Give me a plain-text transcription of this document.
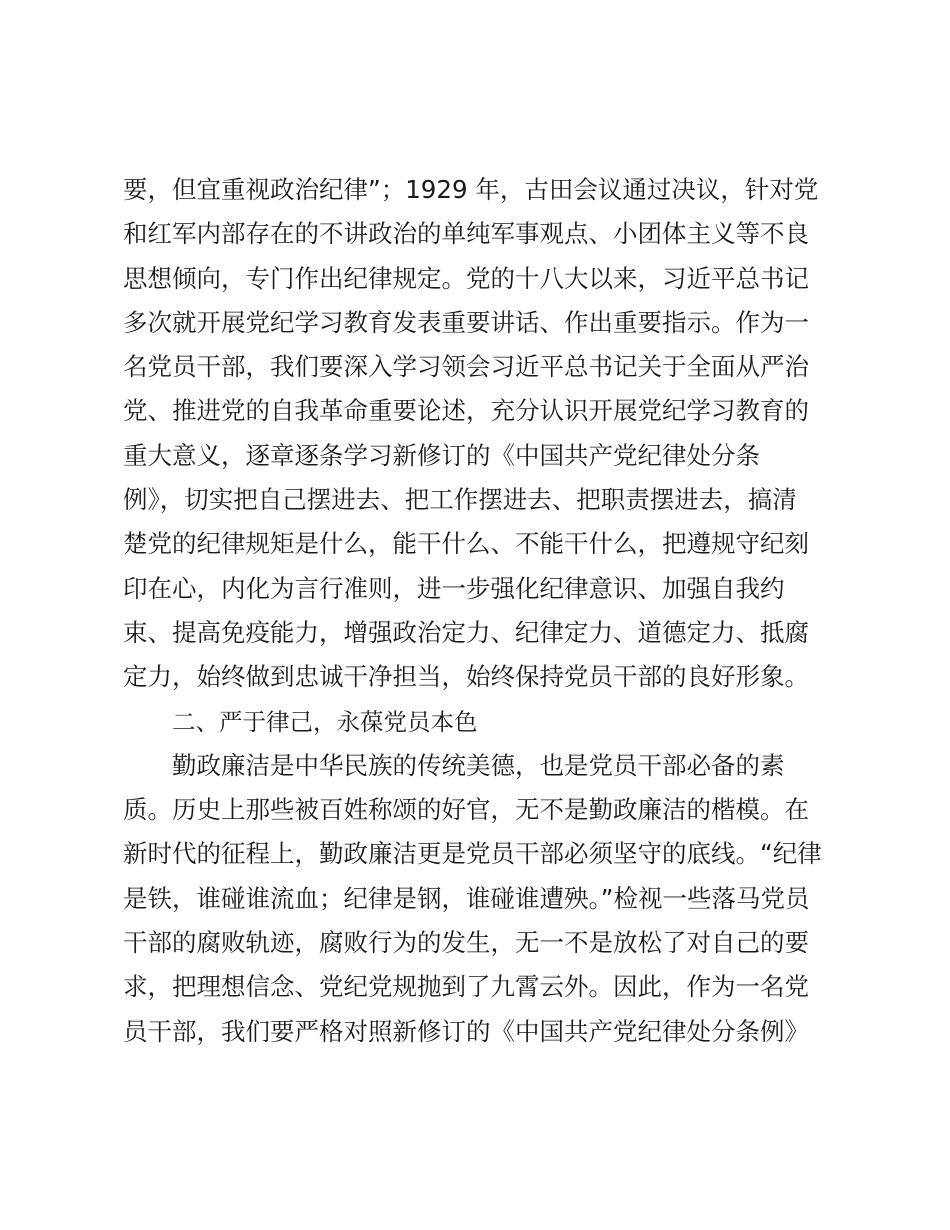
要，但宜重视政治纪律”；1929 年，古田会议通过决议，针对党
和红军内部存在的不讲政治的单纯军事观点、小团体主义等不良
思想倾向，专门作出纪律规定。党的十八大以来，习近平总书记
多次就开展党纪学习教育发表重要讲话、作出重要指示。作为一
名党员干部，我们要深入学习领会习近平总书记关于全面从严治
党、推进党的自我革命重要论述，充分认识开展党纪学习教育的
重大意义，逐章逐条学习新修订的《中国共产党纪律处分条
例》，切实把自己摆进去、把工作摆进去、把职责摆进去，搞清
楚党的纪律规矩是什么，能干什么、不能干什么，把遵规守纪刻
印在心，内化为言行准则，进一步强化纪律意识、加强自我约
束、提高免疫能力，增强政治定力、纪律定力、道德定力、抵腐
定力，始终做到忠诚干净担当，始终保持党员干部的良好形象。
二、严于律己，永葆党员本色
勤政廉洁是中华民族的传统美德，也是党员干部必备的素
质。历史上那些被百姓称颂的好官，无不是勤政廉洁的楷模。在
新时代的征程上，勤政廉洁更是党员干部必须坚守的底线。“纪律
是铁，谁碰谁流血；纪律是钢，谁碰谁遭殃。”检视一些落马党员
干部的腐败轨迹，腐败行为的发生，无一不是放松了对自己的要
求，把理想信念、党纪党规抛到了九霄云外。因此，作为一名党
员干部，我们要严格对照新修订的《中国共产党纪律处分条例》
